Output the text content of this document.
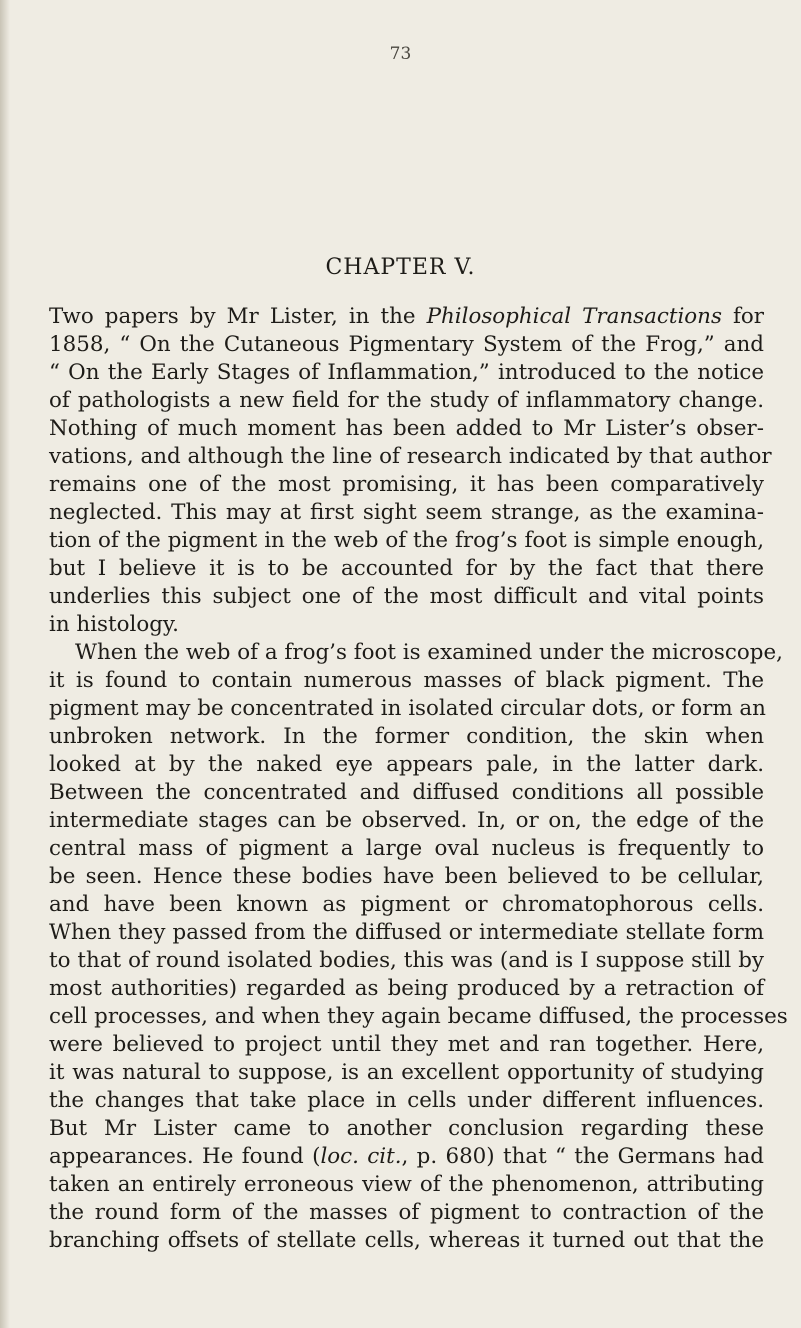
73
CHAPTER V.
Two papers by Mr Lister, in the Philosophical Transactions for
1858, “ On the Cutaneous Pigmentary System of the Frog,” and
“ On the Early Stages of Inflammation,” introduced to the notice
of pathologists a new field for the study of inflammatory change.
Nothing of much moment has been added to Mr Lister’s obser-
vations, and although the line of research indicated by that author
remains one of the most promising, it has been comparatively
neglected. This may at first sight seem strange, as the examina-
tion of the pigment in the web of the frog’s foot is simple enough,
but I believe it is to be accounted for by the fact that there
underlies this subject one of the most difficult and vital points
in histology.
When the web of a frog’s foot is examined under the microscope,
it is found to contain numerous masses of black pigment. The
pigment may be concentrated in isolated circular dots, or form an
unbroken network. In the former condition, the skin when
looked at by the naked eye appears pale, in the latter dark.
Between the concentrated and diffused conditions all possible
intermediate stages can be observed. In, or on, the edge of the
central mass of pigment a large oval nucleus is frequently to
be seen. Hence these bodies have been believed to be cellular,
and have been known as pigment or chromatophorous cells.
When they passed from the diffused or intermediate stellate form
to that of round isolated bodies, this was (and is I suppose still by
most authorities) regarded as being produced by a retraction of
cell processes, and when they again became diffused, the processes
were believed to project until they met and ran together. Here,
it was natural to suppose, is an excellent opportunity of studying
the changes that take place in cells under different influences.
But Mr Lister came to another conclusion regarding these
appearances. He found (loc. cit., p. 680) that “ the Germans had
taken an entirely erroneous view of the phenomenon, attributing
the round form of the masses of pigment to contraction of the
branching offsets of stellate cells, whereas it turned out that the
